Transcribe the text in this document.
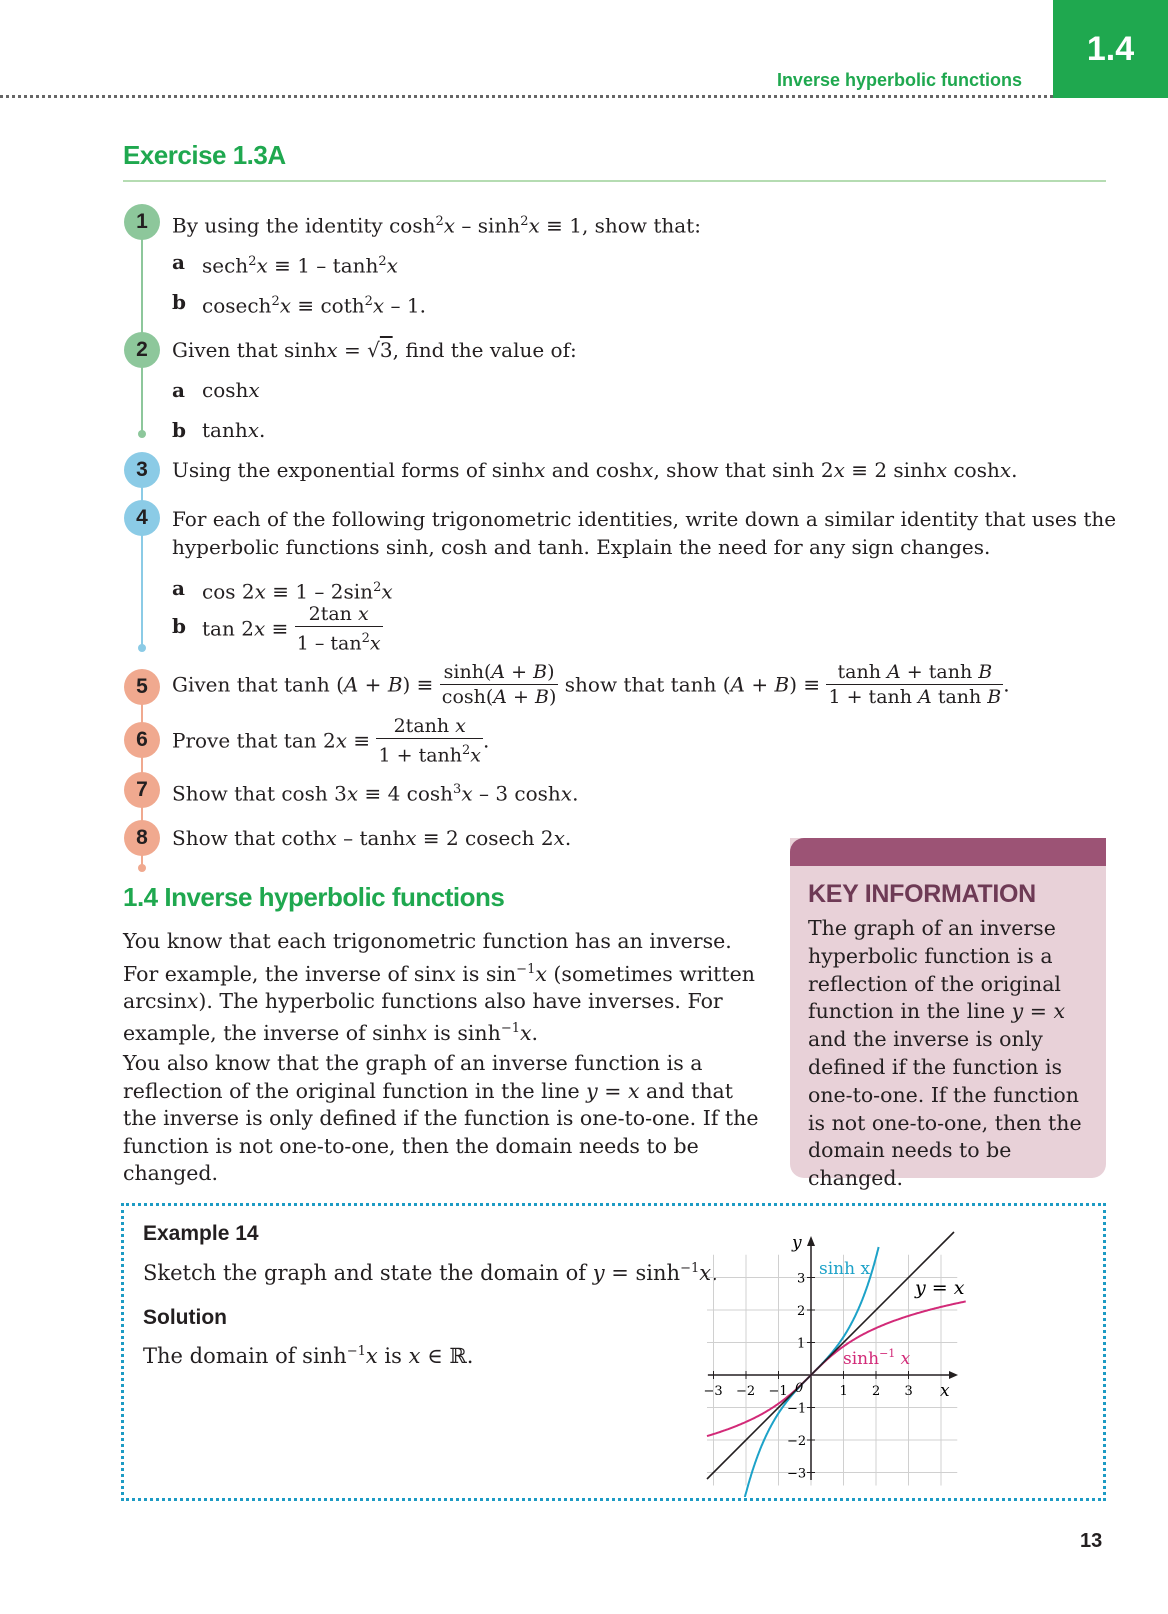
Inverse hyperbolic functions
1.4
Exercise 1.3A
1	By using the identity $\cosh^2x - \sinh^2x \equiv 1$, show that:
a $\sec h^2x \equiv 1 - \tanh^2x$
b cosech$^2$x ≡ coth$^2$x – 1.
2	Given that sinhx = √3, find the value of:
a coshx
b tanhx.
3	Using the exponential forms of sinhx and coshx, show that sinh 2x ≡ 2 sinhx coshx.
4	For each of the following trigonometric identities, write down a similar identity that uses the
hyperbolic functions sinh, cosh and tanh. Explain the need for any sign changes.
a $\cos 2x \equiv 1 - 2\sin^2x$
b $\tan 2x \equiv \frac{\text{2tan x}}{1 - \tan^2x}$
5	Given that $\tanh (A + B) \equiv \frac{\sinh(A + B)}{\cosh(A + B)}$ show that $\tanh (A + B) \equiv \frac{\text{tanh A + tanh B}}{\text{1 + tanh A tanh B}}$ .
6	Prove that $\tan 2x \equiv \frac{\text{2tanh x}}{1 + \tanh^2x}$ .
7	Show that cosh 3x ≡ 4 $\cosh^3x - 3$ coshx.
8	Show that cothx – tanhx ≡ 2 cosech 2x.
1.4 Inverse hyperbolic functions

You know that each trigonometric function has an inverse. For example, the inverse of sinx is $\sin^{-1}x$ (sometimes written arcsinx). The hyperbolic functions also have inverses. For example, the inverse of sinhx is $\sinh^{-1}x$.

You also know that the graph of an inverse function is a reflection of the original function in the line y = x and that the inverse is only defined if the function is one-to-one. If the function is not one-to-one, then the domain needs to be changed.

KEY INFORMATION
The graph of an inverse hyperbolic function is a reflection of the original function in the line y = x and the inverse is only defined if the function is one-to-one. If the function is not one-to-one, then the domain needs to be changed.
Example 14
Sketch the graph and state the domain of $y = \sinh^{-1}x$.
Solution
The domain of $\sinh^{-1}x$ is x ∈ ℝ.
−3 −2 −1	1 2 3
3
2
1
−1
−2
−3
sinh x
y = x
$\sinh^{-1} x$
x
y
0
13
